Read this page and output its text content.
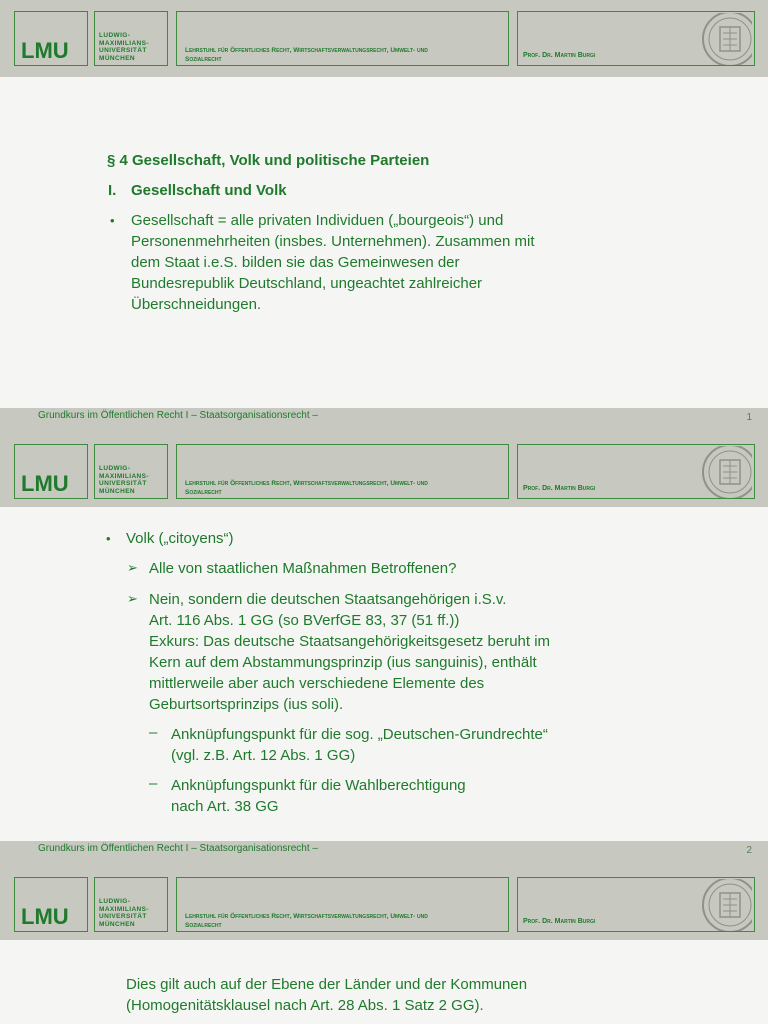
LMU
LUDWIG-
MAXIMILIANS-
UNIVERSITÄT
MÜNCHEN
Lehrstuhl für Öffentliches Recht, Wirtschaftsverwaltungsrecht, Umwelt- und
Sozialrecht
Prof. Dr. Martin Burgi
§ 4 Gesellschaft, Volk und politische Parteien
I. Gesellschaft und Volk
• Gesellschaft = alle privaten Individuen („bourgeois“) und
Personenmehrheiten (insbes. Unternehmen). Zusammen mit
dem Staat i.e.S. bilden sie das Gemeinwesen der
Bundesrepublik Deutschland, ungeachtet zahlreicher
Überschneidungen.
Grundkurs im Öffentlichen Recht I – Staatsorganisationsrecht –	1
LMU
LUDWIG-
MAXIMILIANS-
UNIVERSITÄT
MÜNCHEN
Lehrstuhl für Öffentliches Recht, Wirtschaftsverwaltungsrecht, Umwelt- und
Sozialrecht
Prof. Dr. Martin Burgi
• Volk („citoyens“)
➢ Alle von staatlichen Maßnahmen Betroffenen?
➢ Nein, sondern die deutschen Staatsangehörigen i.S.v.
Art. 116 Abs. 1 GG (so BVerfGE 83, 37 (51 ff.))
Exkurs: Das deutsche Staatsangehörigkeitsgesetz beruht im
Kern auf dem Abstammungsprinzip (ius sanguinis), enthält
mittlerweile aber auch verschiedene Elemente des
Geburtsortsprinzips (ius soli).
– Anknüpfungspunkt für die sog. „Deutschen-Grundrechte“
(vgl. z.B. Art. 12 Abs. 1 GG)
– Anknüpfungspunkt für die Wahlberechtigung
nach Art. 38 GG
Grundkurs im Öffentlichen Recht I – Staatsorganisationsrecht –	2
LMU
LUDWIG-
MAXIMILIANS-
UNIVERSITÄT
MÜNCHEN
Lehrstuhl für Öffentliches Recht, Wirtschaftsverwaltungsrecht, Umwelt- und
Sozialrecht
Prof. Dr. Martin Burgi
Dies gilt auch auf der Ebene der Länder und der Kommunen
(Homogenitätsklausel nach Art. 28 Abs. 1 Satz 2 GG).
